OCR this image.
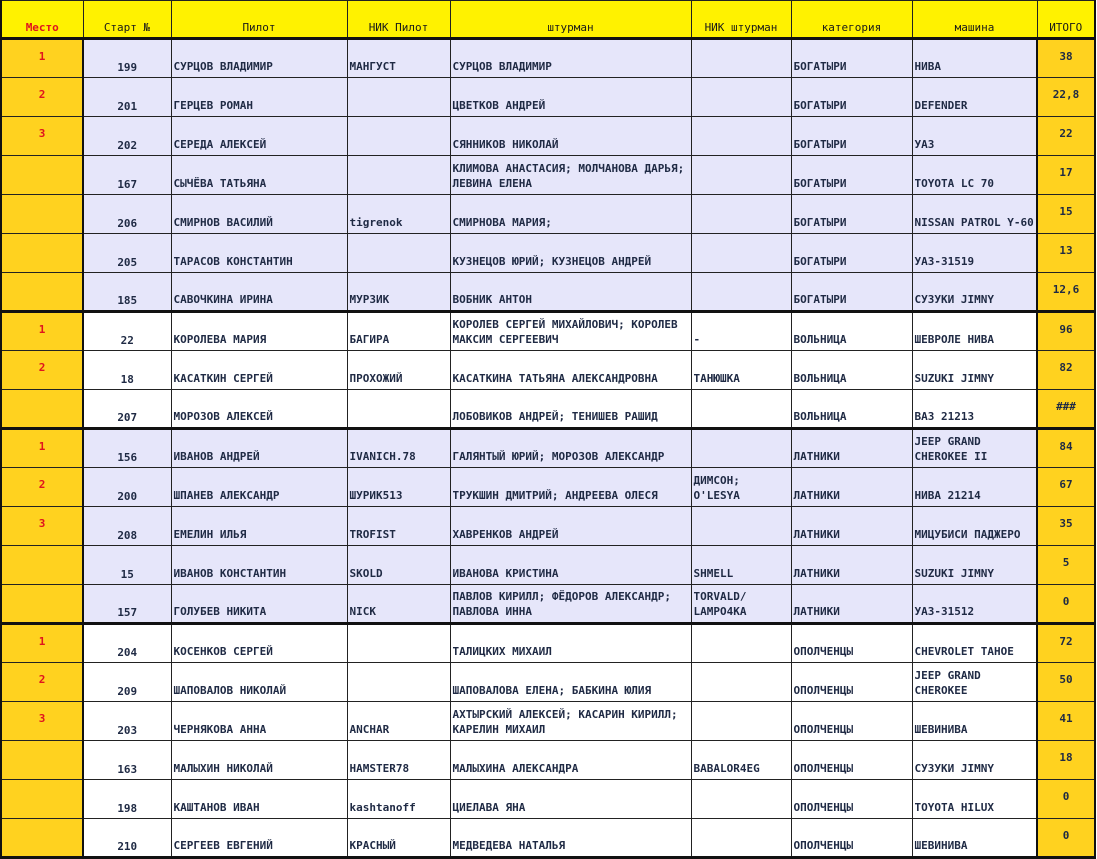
Место	Старт №	Пилот	НИК Пилот	штурман	НИК штурман	категория	машина	ИТОГО
1	199	СУРЦОВ ВЛАДИМИР	МАНГУСТ	СУРЦОВ ВЛАДИМИР		БОГАТЫРИ	НИВА	38
2	201	ГЕРЦЕВ РОМАН		ЦВЕТКОВ АНДРЕЙ		БОГАТЫРИ	DEFENDER	22,8
3	202	СЕРЕДА АЛЕКСЕЙ		СЯННИКОВ НИКОЛАЙ		БОГАТЫРИ	УАЗ	22
	167	СЫЧЁВА ТАТЬЯНА		КЛИМОВА АНАСТАСИЯ; МОЛЧАНОВА ДАРЬЯ; ЛЕВИНА ЕЛЕНА		БОГАТЫРИ	TOYOTA LC 70	17
	206	СМИРНОВ ВАСИЛИЙ	tigrenok	СМИРНОВА МАРИЯ;		БОГАТЫРИ	NISSAN PATROL Y-60	15
	205	ТАРАСОВ КОНСТАНТИН		КУЗНЕЦОВ ЮРИЙ; КУЗНЕЦОВ АНДРЕЙ		БОГАТЫРИ	УАЗ-31519	13
	185	САВОЧКИНА ИРИНА	МУРЗИК	ВОБНИК АНТОН		БОГАТЫРИ	СУЗУКИ JIMNY	12,6
1	22	КОРОЛЕВА МАРИЯ	БАГИРА	КОРОЛЕВ СЕРГЕЙ МИХАЙЛОВИЧ; КОРОЛЕВ МАКСИМ СЕРГЕЕВИЧ	-	ВОЛЬНИЦА	ШЕВРОЛЕ НИВА	96
2	18	КАСАТКИН СЕРГЕЙ	ПРОХОЖИЙ	КАСАТКИНА ТАТЬЯНА АЛЕКСАНДРОВНА	ТАНЮШКА	ВОЛЬНИЦА	SUZUKI JIMNY	82
	207	МОРОЗОВ АЛЕКСЕЙ		ЛОБОВИКОВ АНДРЕЙ; ТЕНИШЕВ РАШИД		ВОЛЬНИЦА	ВАЗ 21213	###
1	156	ИВАНОВ АНДРЕЙ	IVANICH.78	ГАЛЯНТЫЙ ЮРИЙ; МОРОЗОВ АЛЕКСАНДР		ЛАТНИКИ	JEEP GRAND CHEROKEE II	84
2	200	ШПАНЕВ АЛЕКСАНДР	ШУРИК513	ТРУКШИН ДМИТРИЙ; АНДРЕЕВА ОЛЕСЯ	ДИМСОН; O'LESYA	ЛАТНИКИ	НИВА 21214	67
3	208	ЕМЕЛИН ИЛЬЯ	TROFIST	ХАВРЕНКОВ АНДРЕЙ		ЛАТНИКИ	МИЦУБИСИ ПАДЖЕРО	35
	15	ИВАНОВ КОНСТАНТИН	SKOLD	ИВАНОВА КРИСТИНА	SHMELL	ЛАТНИКИ	SUZUKI JIMNY	5
	157	ГОЛУБЕВ НИКИТА	NICK	ПАВЛОВ КИРИЛЛ; ФЁДОРОВ АЛЕКСАНДР; ПАВЛОВА ИННА	TORVALD/ LAMPO4KA	ЛАТНИКИ	УАЗ-31512	0
1	204	КОСЕНКОВ СЕРГЕЙ		ТАЛИЦКИХ МИХАИЛ		ОПОЛЧЕНЦЫ	CHEVROLET TAHOE	72
2	209	ШАПОВАЛОВ НИКОЛАЙ		ШАПОВАЛОВА ЕЛЕНА; БАБКИНА ЮЛИЯ		ОПОЛЧЕНЦЫ	JEEP GRAND CHEROKEE	50
3	203	ЧЕРНЯКОВА АННА	ANCHAR	АХТЫРСКИЙ АЛЕКСЕЙ; КАСАРИН КИРИЛЛ; КАРЕЛИН МИХАИЛ		ОПОЛЧЕНЦЫ	ШЕВИНИВА	41
	163	МАЛЫХИН НИКОЛАЙ	HAMSTER78	МАЛЫХИНА АЛЕКСАНДРА	BABALOR4EG	ОПОЛЧЕНЦЫ	СУЗУКИ JIMNY	18
	198	КАШТАНОВ ИВАН	kashtanoff	ЦИЕЛАВА ЯНА		ОПОЛЧЕНЦЫ	TOYOTA HILUX	0
	210	СЕРГЕЕВ ЕВГЕНИЙ	КРАСНЫЙ	МЕДВЕДЕВА НАТАЛЬЯ		ОПОЛЧЕНЦЫ	ШЕВИНИВА	0
